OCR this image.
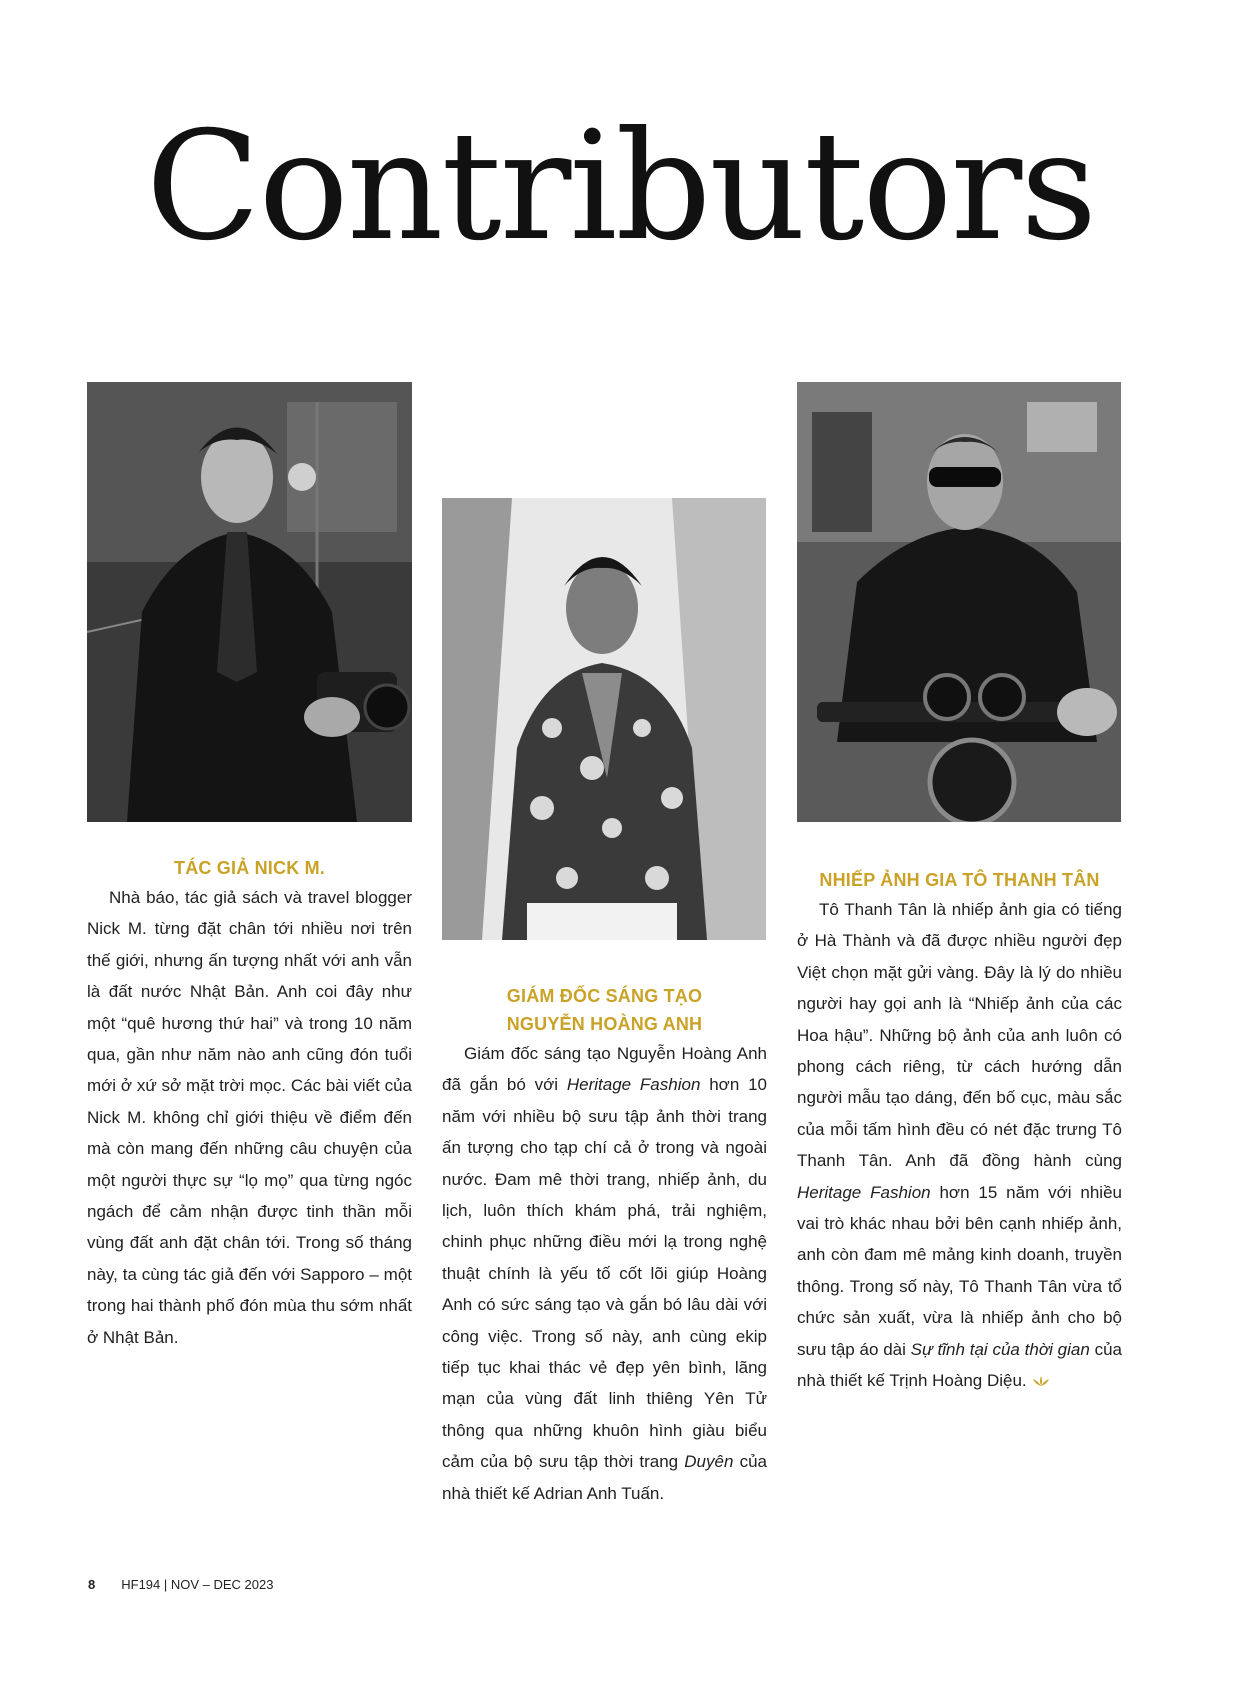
Contributors
TÁC GIẢ NICK M.

Nhà báo, tác giả sách và travel blogger Nick M. từng đặt chân tới nhiều nơi trên thế giới, nhưng ấn tượng nhất với anh vẫn là đất nước Nhật Bản. Anh coi đây như một “quê hương thứ hai” và trong 10 năm qua, gần như năm nào anh cũng đón tuổi mới ở xứ sở mặt trời mọc. Các bài viết của Nick M. không chỉ giới thiệu về điểm đến mà còn mang đến những câu chuyện của một người thực sự “lọ mọ” qua từng ngóc ngách để cảm nhận được tinh thần mỗi vùng đất anh đặt chân tới. Trong số tháng này, ta cùng tác giả đến với Sapporo – một trong hai thành phố đón mùa thu sớm nhất ở Nhật Bản.

GIÁM ĐỐC SÁNG TẠO
NGUYỄN HOÀNG ANH

Giám đốc sáng tạo Nguyễn Hoàng Anh đã gắn bó với Heritage Fashion hơn 10 năm với nhiều bộ sưu tập ảnh thời trang ấn tượng cho tạp chí cả ở trong và ngoài nước. Đam mê thời trang, nhiếp ảnh, du lịch, luôn thích khám phá, trải nghiệm, chinh phục những điều mới lạ trong nghệ thuật chính là yếu tố cốt lõi giúp Hoàng Anh có sức sáng tạo và gắn bó lâu dài với công việc. Trong số này, anh cùng ekip tiếp tục khai thác vẻ đẹp yên bình, lãng mạn của vùng đất linh thiêng Yên Tử thông qua những khuôn hình giàu biểu cảm của bộ sưu tập thời trang Duyên của nhà thiết kế Adrian Anh Tuấn.

NHIẾP ẢNH GIA TÔ THANH TÂN

Tô Thanh Tân là nhiếp ảnh gia có tiếng ở Hà Thành và đã được nhiều người đẹp Việt chọn mặt gửi vàng. Đây là lý do nhiều người hay gọi anh là “Nhiếp ảnh của các Hoa hậu”. Những bộ ảnh của anh luôn có phong cách riêng, từ cách hướng dẫn người mẫu tạo dáng, đến bố cục, màu sắc của mỗi tấm hình đều có nét đặc trưng Tô Thanh Tân. Anh đã đồng hành cùng Heritage Fashion hơn 15 năm với nhiều vai trò khác nhau bởi bên cạnh nhiếp ảnh, anh còn đam mê mảng kinh doanh, truyền thông. Trong số này, Tô Thanh Tân vừa tổ chức sản xuất, vừa là nhiếp ảnh cho bộ sưu tập áo dài Sự tĩnh tại của thời gian của nhà thiết kế Trịnh Hoàng Diệu.

8 HF194 | NOV – DEC 2023
